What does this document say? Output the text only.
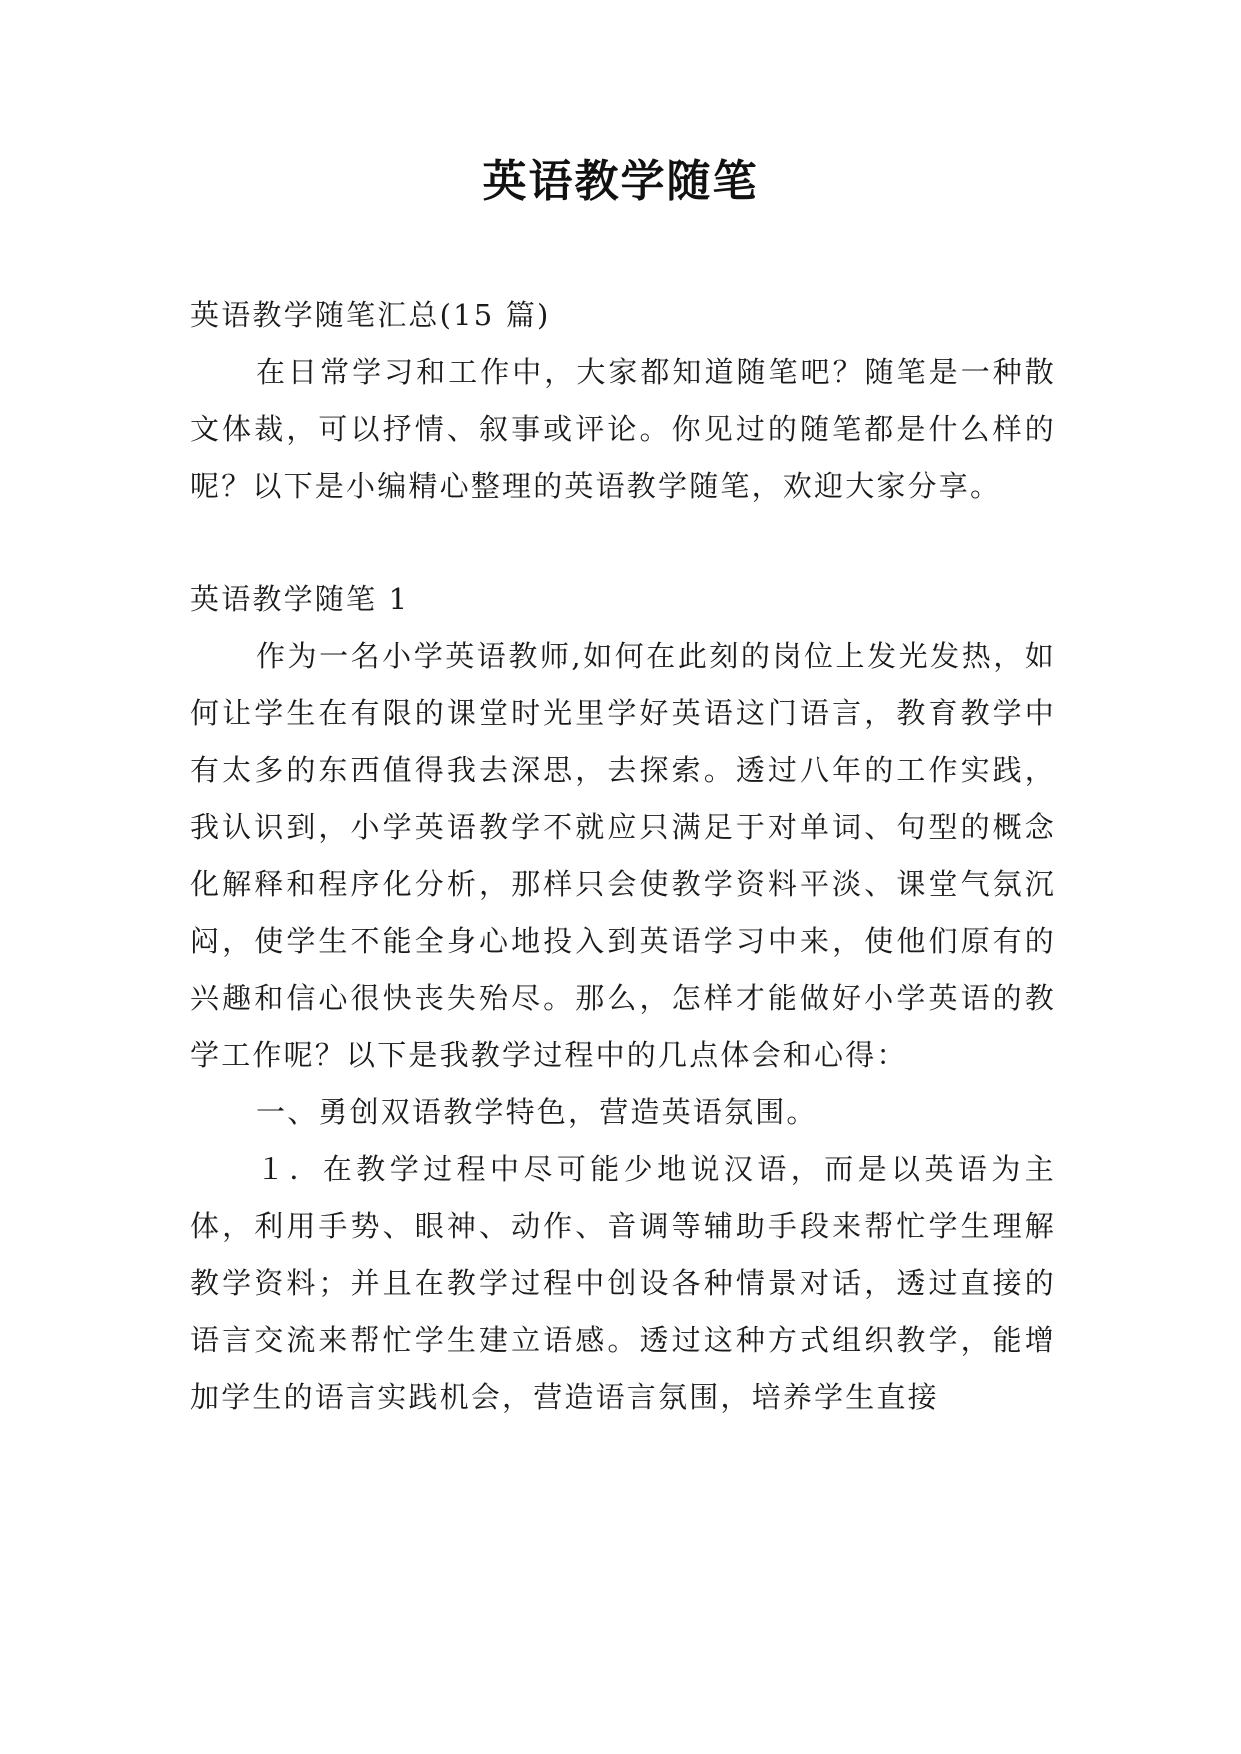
英语教学随笔

英语教学随笔汇总(15 篇)

在日常学习和工作中，大家都知道随笔吧？随笔是一种散文体裁，可以抒情、叙事或评论。你见过的随笔都是什么样的呢？以下是小编精心整理的英语教学随笔，欢迎大家分享。

英语教学随笔 1

作为一名小学英语教师,如何在此刻的岗位上发光发热，如何让学生在有限的课堂时光里学好英语这门语言，教育教学中有太多的东西值得我去深思，去探索。透过八年的工作实践，我认识到，小学英语教学不就应只满足于对单词、句型的概念化解释和程序化分析，那样只会使教学资料平淡、课堂气氛沉闷，使学生不能全身心地投入到英语学习中来，使他们原有的兴趣和信心很快丧失殆尽。那么，怎样才能做好小学英语的教学工作呢？以下是我教学过程中的几点体会和心得：

一、勇创双语教学特色，营造英语氛围。

１．在教学过程中尽可能少地说汉语，而是以英语为主体，利用手势、眼神、动作、音调等辅助手段来帮忙学生理解教学资料；并且在教学过程中创设各种情景对话，透过直接的语言交流来帮忙学生建立语感。透过这种方式组织教学，能增加学生的语言实践机会，营造语言氛围，培养学生直接
